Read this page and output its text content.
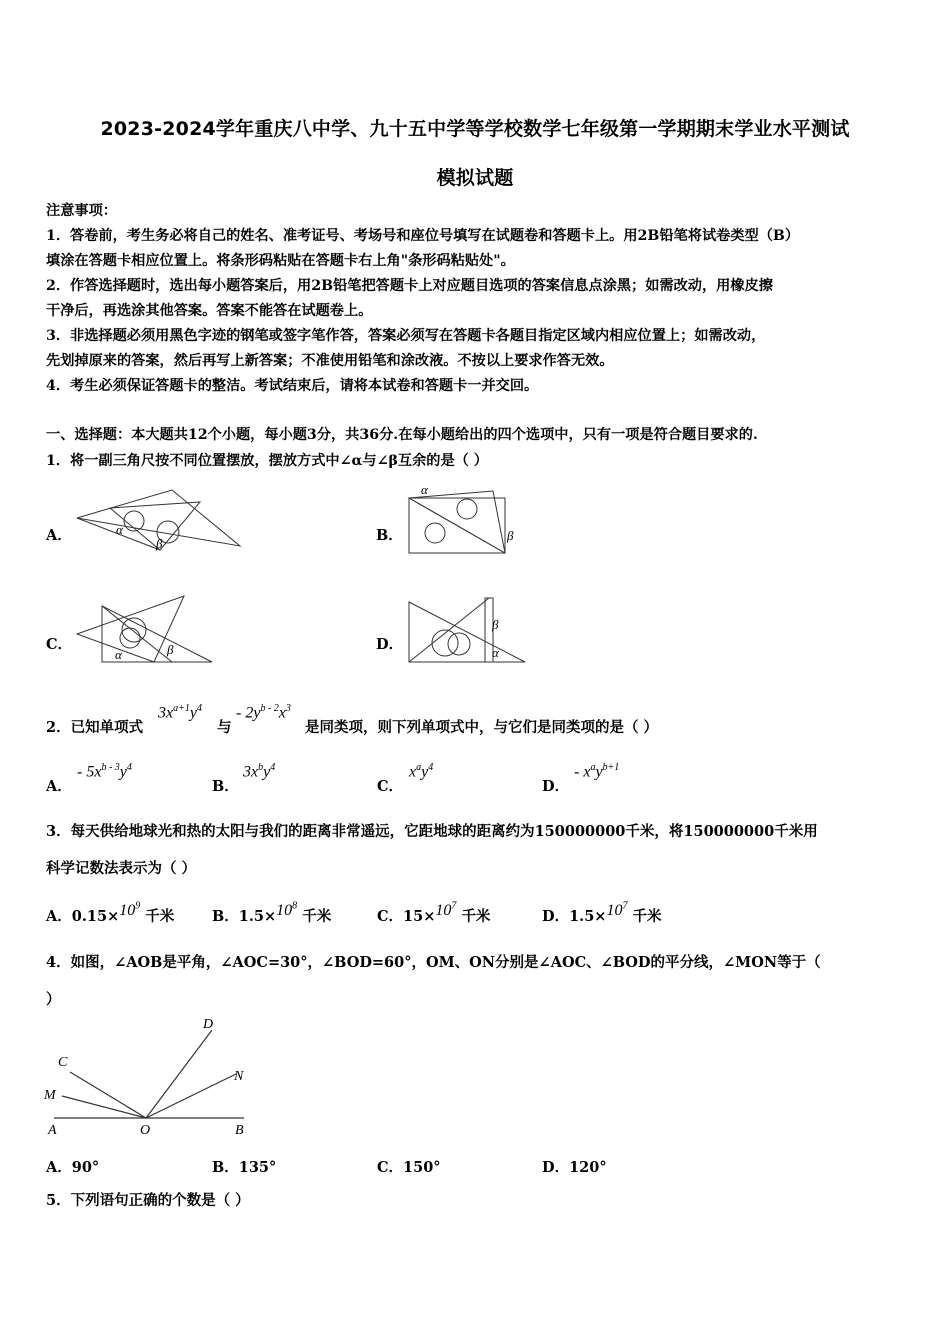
2023-2024学年重庆八中学、九十五中学等学校数学七年级第一学期期末学业水平测试
模拟试题
注意事项：
1．答卷前，考生务必将自己的姓名、准考证号、考场号和座位号填写在试题卷和答题卡上。用2B铅笔将试卷类型（B）
填涂在答题卡相应位置上。将条形码粘贴在答题卡右上角"条形码粘贴处"。
2．作答选择题时，选出每小题答案后，用2B铅笔把答题卡上对应题目选项的答案信息点涂黑；如需改动，用橡皮擦
干净后，再选涂其他答案。答案不能答在试题卷上。
3．非选择题必须用黑色字迹的钢笔或签字笔作答，答案必须写在答题卡各题目指定区域内相应位置上；如需改动，
先划掉原来的答案，然后再写上新答案；不准使用铅笔和涂改液。不按以上要求作答无效。
4．考生必须保证答题卡的整洁。考试结束后，请将本试卷和答题卡一并交回。
一、选择题：本大题共12个小题，每小题3分，共36分.在每小题给出的四个选项中，只有一项是符合题目要求的.
1．将一副三角尺按不同位置摆放，摆放方式中∠α与∠β互余的是（ ）
A．	α
β	B．
α
β
C．
α	β	D．
β
α
2．已知单项式
$3x^{a+1}y^4$
与
- $2y^{b - 2}x^3$
是同类项，则下列单项式中，与它们是同类项的是（ ）
A．
- $5x^{b - 3}y^4$
B．
$3x^by^4$
C．
$x^ay^4$
D．
- $x^ay^{b+1}$
3．每天供给地球光和热的太阳与我们的距离非常遥远，它距地球的距离约为150000000千米，将150000000千米用
科学记数法表示为（ ）
A．$0.15\times 10^9$ 千米	B．$1.5\times 10^8$ 千米	C．$15\times 10^7$ 千米	D．$1.5\times 10^7$ 千米
4．如图，∠AOB是平角，∠AOC=30°，∠BOD=60°，OM、ON分别是∠AOC、∠BOD的平分线，∠MON等于（
）
A	O	B
C
M
D
N
A．90°	B．135°	C．150°	D．120°
5．下列语句正确的个数是（ ）
